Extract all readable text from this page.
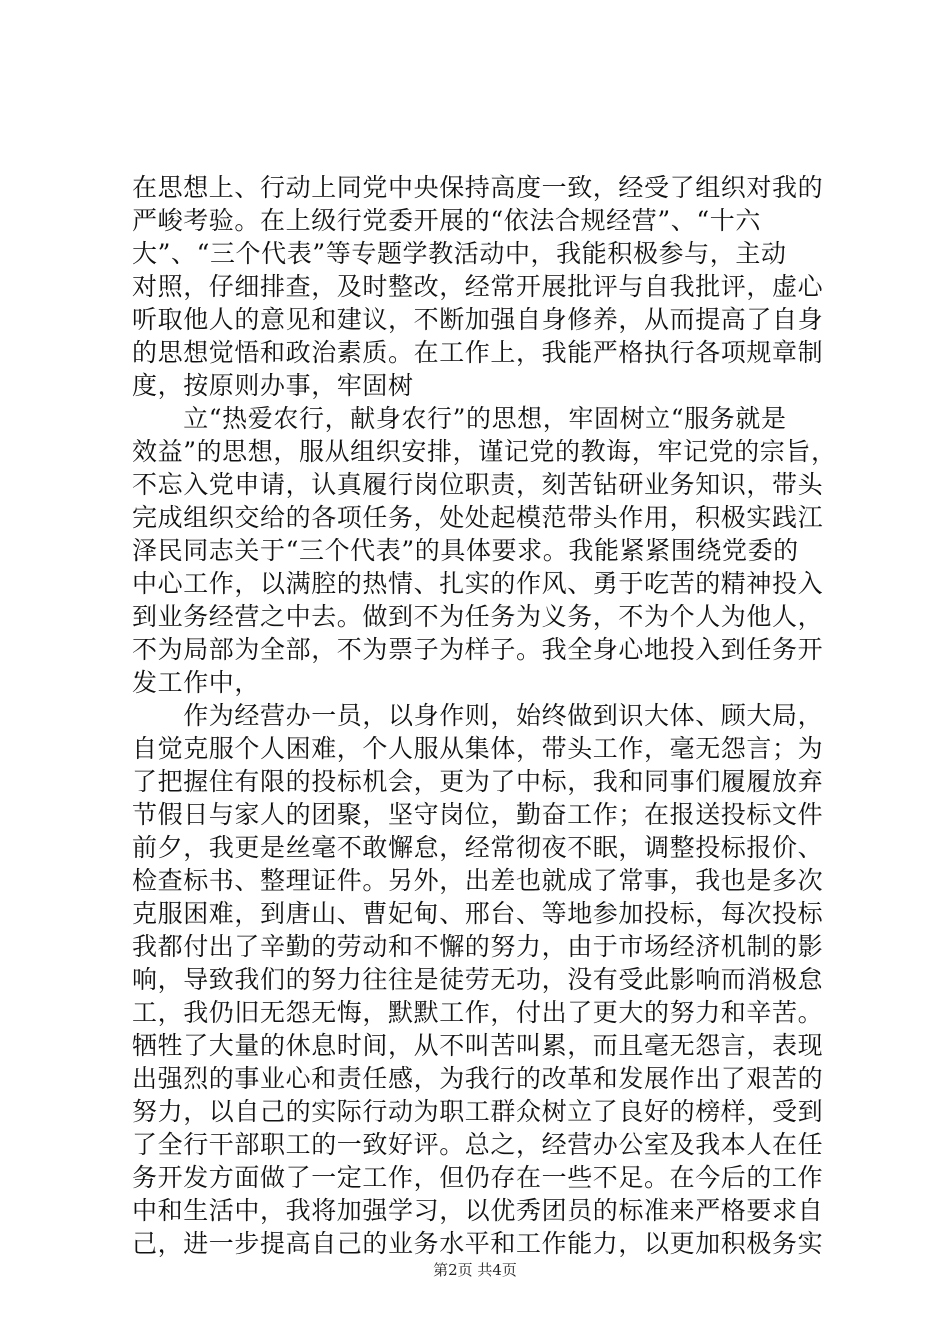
在思想上、行动上同党中央保持高度一致，经受了组织对我的
严峻考验。在上级行党委开展的“依法合规经营”、“十六
大”、“三个代表”等专题学教活动中，我能积极参与，主动
对照，仔细排查，及时整改，经常开展批评与自我批评，虚心
听取他人的意见和建议，不断加强自身修养，从而提高了自身
的思想觉悟和政治素质。在工作上，我能严格执行各项规章制
度，按原则办事，牢固树
　　立“热爱农行，献身农行”的思想，牢固树立“服务就是
效益”的思想，服从组织安排，谨记党的教诲，牢记党的宗旨，
不忘入党申请，认真履行岗位职责，刻苦钻研业务知识，带头
完成组织交给的各项任务，处处起模范带头作用，积极实践江
泽民同志关于“三个代表”的具体要求。我能紧紧围绕党委的
中心工作，以满腔的热情、扎实的作风、勇于吃苦的精神投入
到业务经营之中去。做到不为任务为义务，不为个人为他人，
不为局部为全部，不为票子为样子。我全身心地投入到任务开
发工作中，
　　作为经营办一员，以身作则，始终做到识大体、顾大局，
自觉克服个人困难，个人服从集体，带头工作，毫无怨言；为
了把握住有限的投标机会，更为了中标，我和同事们履履放弃
节假日与家人的团聚，坚守岗位，勤奋工作；在报送投标文件
前夕，我更是丝毫不敢懈怠，经常彻夜不眠，调整投标报价、
检查标书、整理证件。另外，出差也就成了常事，我也是多次
克服困难，到唐山、曹妃甸、邢台、等地参加投标，每次投标
我都付出了辛勤的劳动和不懈的努力，由于市场经济机制的影
响，导致我们的努力往往是徒劳无功，没有受此影响而消极怠
工，我仍旧无怨无悔，默默工作，付出了更大的努力和辛苦。
牺牲了大量的休息时间，从不叫苦叫累，而且毫无怨言，表现
出强烈的事业心和责任感，为我行的改革和发展作出了艰苦的
努力，以自己的实际行动为职工群众树立了良好的榜样，受到
了全行干部职工的一致好评。总之，经营办公室及我本人在任
务开发方面做了一定工作，但仍存在一些不足。在今后的工作
中和生活中，我将加强学习，以优秀团员的标准来严格要求自
己，进一步提高自己的业务水平和工作能力，以更加积极务实
第2页 共4页
